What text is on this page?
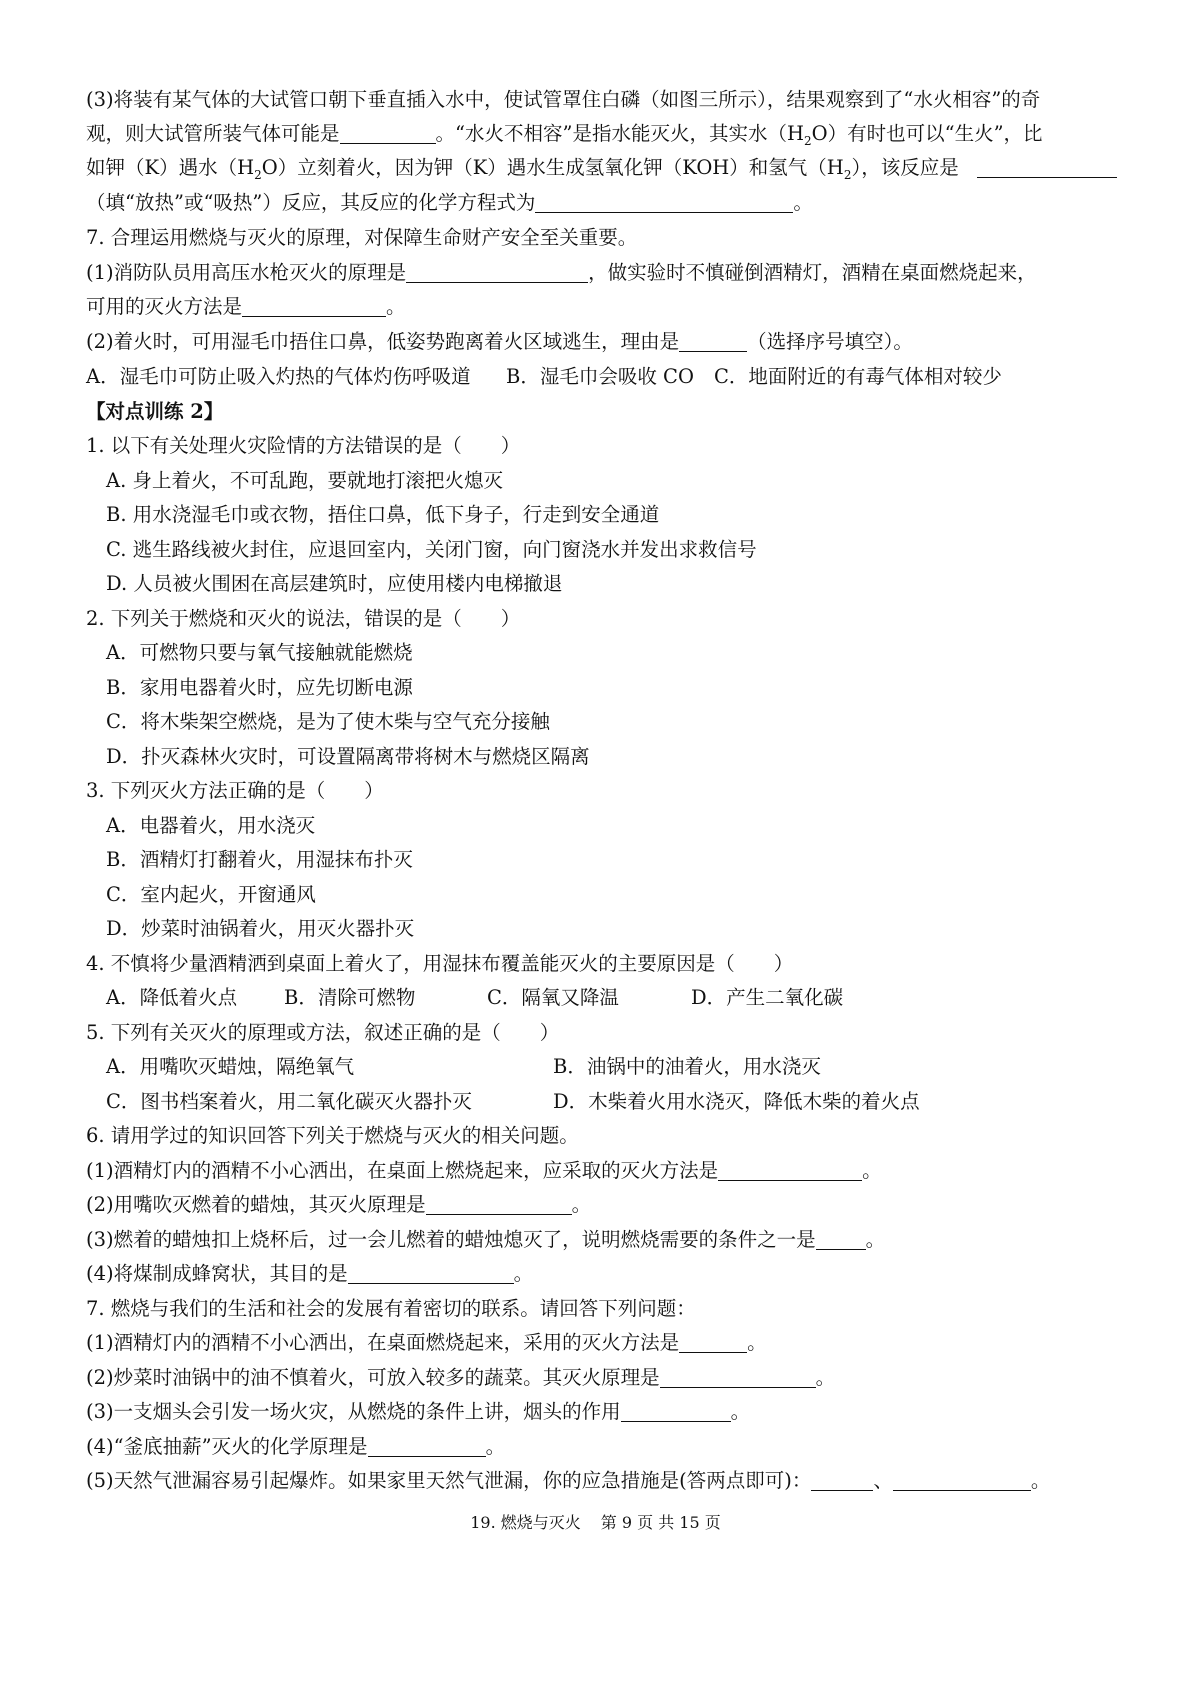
(3)将装有某气体的大试管口朝下垂直插入水中，使试管罩住白磷（如图三所示），结果观察到了“水火相容”的奇
观，则大试管所装气体可能是	。“水火不相容”是指水能灭火，其实水$(H_2O)$有时也可以“生火”，比
如钾（K）遇水$(H_2O)$立刻着火，因为钾（K）遇水生成氢氧化钾（KOH）和氢气$(H_2)$，该反应是
（填“放热”或“吸热”）反应，其反应的化学方程式为	。
7. 合理运用燃烧与灭火的原理，对保障生命财产安全至关重要。
(1)消防队员用高压水枪灭火的原理是	，做实验时不慎碰倒酒精灯，酒精在桌面燃烧起来，
可用的灭火方法是	。
(2)着火时，可用湿毛巾捂住口鼻，低姿势跑离着火区域逃生，理由是	（选择序号填空）。
A．湿毛巾可防止吸入灼热的气体灼伤呼吸道 B．湿毛巾会吸收 CO C．地面附近的有毒气体相对较少
【对点训练 2】
1. 以下有关处理火灾险情的方法错误的是（　　）
A. 身上着火，不可乱跑，要就地打滚把火熄灭
B. 用水浇湿毛巾或衣物，捂住口鼻，低下身子，行走到安全通道
C. 逃生路线被火封住，应退回室内，关闭门窗，向门窗浇水并发出求救信号
D. 人员被火围困在高层建筑时，应使用楼内电梯撤退
2. 下列关于燃烧和灭火的说法，错误的是（　　）
A．可燃物只要与氧气接触就能燃烧
B．家用电器着火时，应先切断电源
C．将木柴架空燃烧，是为了使木柴与空气充分接触
D．扑灭森林火灾时，可设置隔离带将树木与燃烧区隔离
3. 下列灭火方法正确的是（　　）
A．电器着火，用水浇灭
B．酒精灯打翻着火，用湿抹布扑灭
C．室内起火，开窗通风
D．炒菜时油锅着火，用灭火器扑灭
4. 不慎将少量酒精洒到桌面上着火了，用湿抹布覆盖能灭火的主要原因是（　　）
A．降低着火点 B．清除可燃物	C．隔氧又降温	D．产生二氧化碳
5. 下列有关灭火的原理或方法，叙述正确的是（　　）
A．用嘴吹灭蜡烛，隔绝氧气	B．油锅中的油着火，用水浇灭
C．图书档案着火，用二氧化碳灭火器扑灭	D．木柴着火用水浇灭，降低木柴的着火点
6. 请用学过的知识回答下列关于燃烧与灭火的相关问题。
(1)酒精灯内的酒精不小心洒出，在桌面上燃烧起来，应采取的灭火方法是	。
(2)用嘴吹灭燃着的蜡烛，其灭火原理是	。
(3)燃着的蜡烛扣上烧杯后，过一会儿燃着的蜡烛熄灭了，说明燃烧需要的条件之一是	。
(4)将煤制成蜂窝状，其目的是	。
7. 燃烧与我们的生活和社会的发展有着密切的联系。请回答下列问题：
(1)酒精灯内的酒精不小心洒出，在桌面燃烧起来，采用的灭火方法是	。
(2)炒菜时油锅中的油不慎着火，可放入较多的蔬菜。其灭火原理是	。
(3)一支烟头会引发一场火灾，从燃烧的条件上讲，烟头的作用	。
(4)“釜底抽薪”灭火的化学原理是	。
(5)天然气泄漏容易引起爆炸。如果家里天然气泄漏，你的应急措施是(答两点即可)：	、	。
19. 燃烧与灭火 第 9 页 共 15 页
